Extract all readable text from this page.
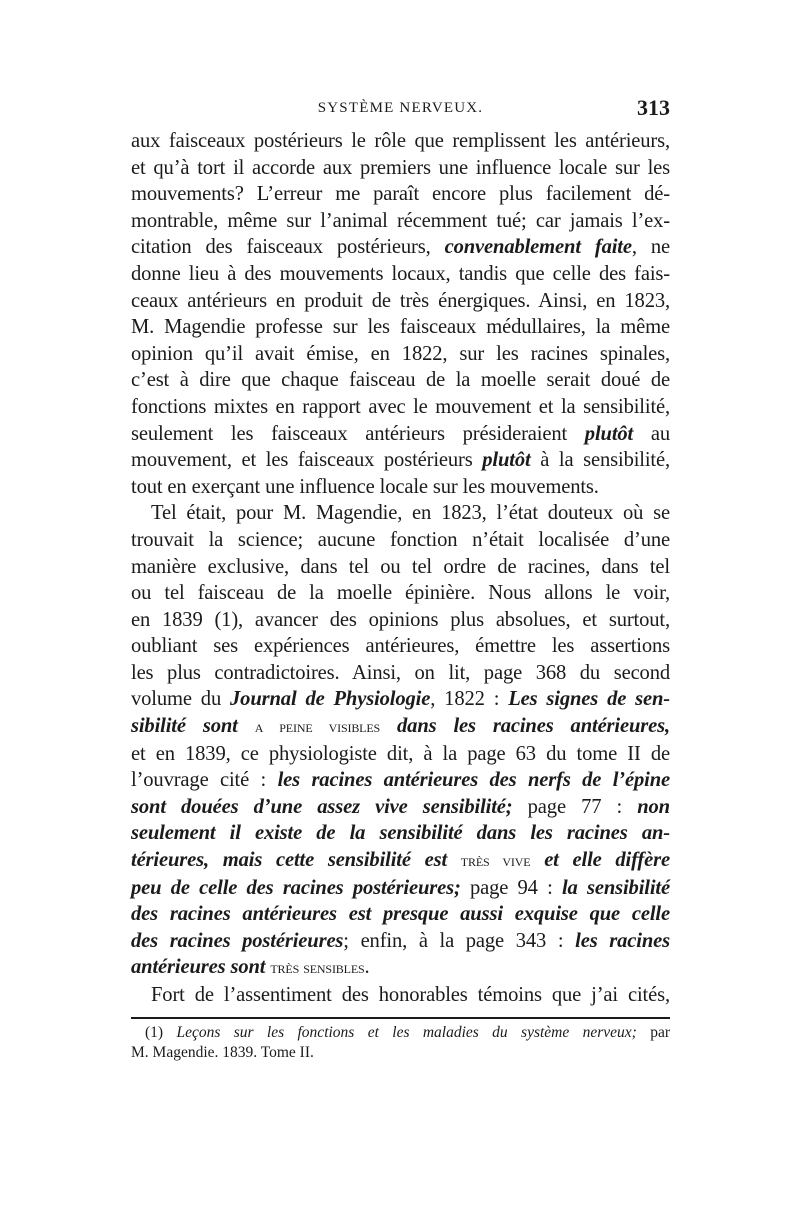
SYSTÈME NERVEUX.	313
aux faisceaux postérieurs le rôle que remplissent les antérieurs,
et qu’à tort il accorde aux premiers une influence locale sur les
mouvements? L’erreur me paraît encore plus facilement dé-
montrable, même sur l’animal récemment tué; car jamais l’ex-
citation des faisceaux postérieurs, convenablement faite, ne
donne lieu à des mouvements locaux, tandis que celle des fais-
ceaux antérieurs en produit de très énergiques. Ainsi, en 1823,
M. Magendie professe sur les faisceaux médullaires, la même
opinion qu’il avait émise, en 1822, sur les racines spinales,
c’est à dire que chaque faisceau de la moelle serait doué de
fonctions mixtes en rapport avec le mouvement et la sensibilité,
seulement les faisceaux antérieurs présideraient plutôt au
mouvement, et les faisceaux postérieurs plutôt à la sensibilité,
tout en exerçant une influence locale sur les mouvements.
Tel était, pour M. Magendie, en 1823, l’état douteux où se
trouvait la science; aucune fonction n’était localisée d’une
manière exclusive, dans tel ou tel ordre de racines, dans tel
ou tel faisceau de la moelle épinière. Nous allons le voir,
en 1839 (1), avancer des opinions plus absolues, et surtout,
oubliant ses expériences antérieures, émettre les assertions
les plus contradictoires. Ainsi, on lit, page 368 du second
volume du Journal de Physiologie, 1822 : Les signes de sen-
sibilité sont a peine visibles dans les racines antérieures,
et en 1839, ce physiologiste dit, à la page 63 du tome II de
l’ouvrage cité : les racines antérieures des nerfs de l’épine
sont douées d’une assez vive sensibilité; page 77 : non
seulement il existe de la sensibilité dans les racines an-
térieures, mais cette sensibilité est très vive et elle diffère
peu de celle des racines postérieures; page 94 : la sensibilité
des racines antérieures est presque aussi exquise que celle
des racines postérieures; enfin, à la page 343 : les racines
antérieures sont très sensibles.
Fort de l’assentiment des honorables témoins que j’ai cités,
(1) Leçons sur les fonctions et les maladies du système nerveux; par
M. Magendie. 1839. Tome II.
